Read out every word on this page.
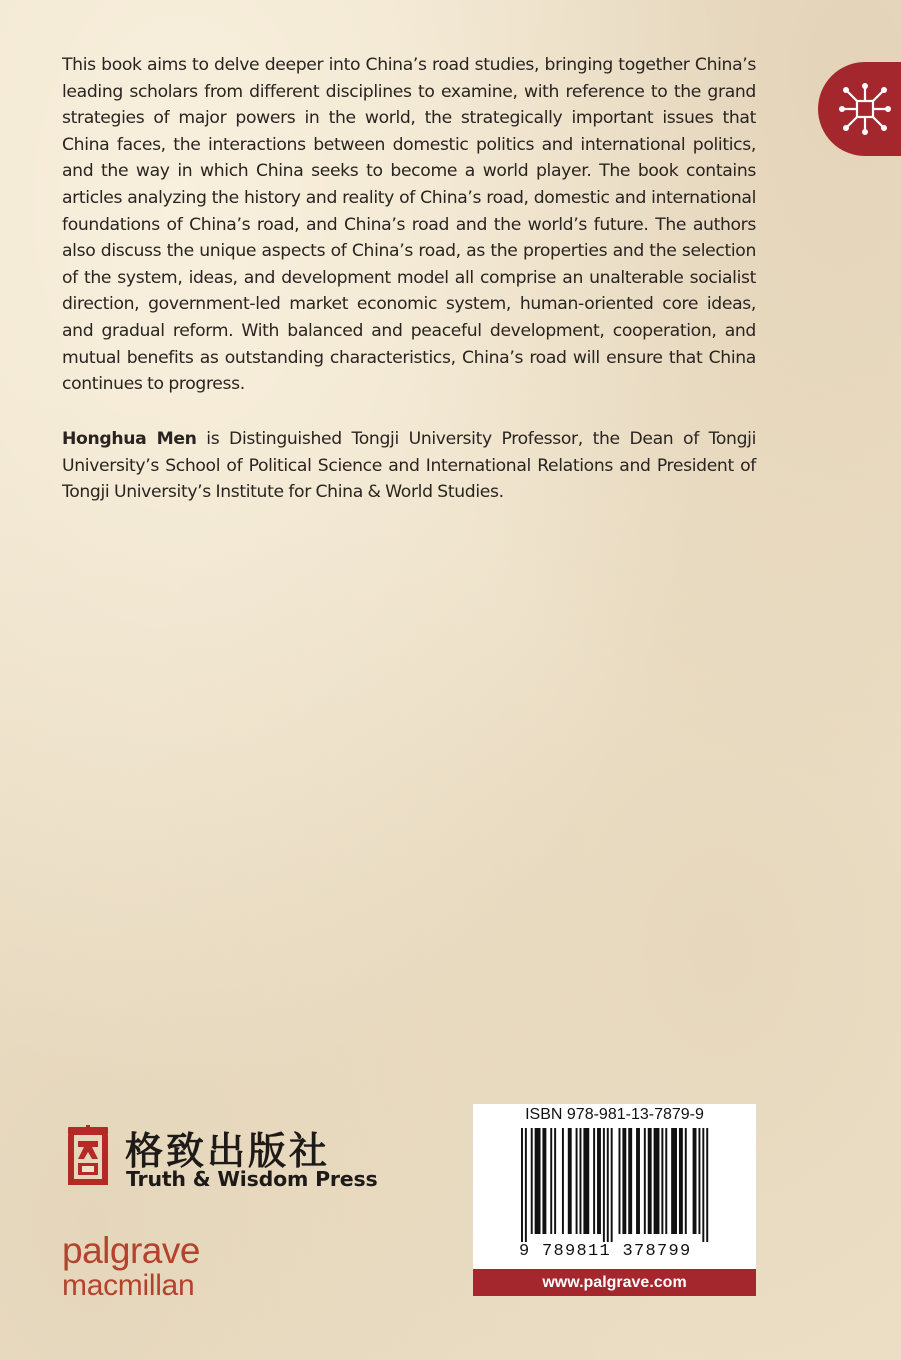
This book aims to delve deeper into China’s road studies, bringing together China’s leading scholars from different disciplines to examine, with reference to the grand strategies of major powers in the world, the strategically important issues that China faces, the interactions between domestic politics and international politics, and the way in which China seeks to become a world player. The book contains articles analyzing the history and reality of China’s road, domestic and international foundations of China’s road, and China’s road and the world’s future. The authors also discuss the unique aspects of China’s road, as the properties and the selection of the system, ideas, and development model all comprise an unalterable socialist direction, government-led market economic system, human-oriented core ideas, and gradual reform. With balanced and peaceful development, cooperation, and mutual benefits as outstanding characteristics, China’s road will ensure that China continues to progress.

Honghua Men is Distinguished Tongji University Professor, the Dean of Tongji University’s School of Political Science and International Relations and President of Tongji University’s Institute for China & World Studies.

格致出版社
Truth & Wisdom Press
palgrave
macmillan
ISBN 978-981-13-7879-9
9 789811 378799
www.palgrave.com
